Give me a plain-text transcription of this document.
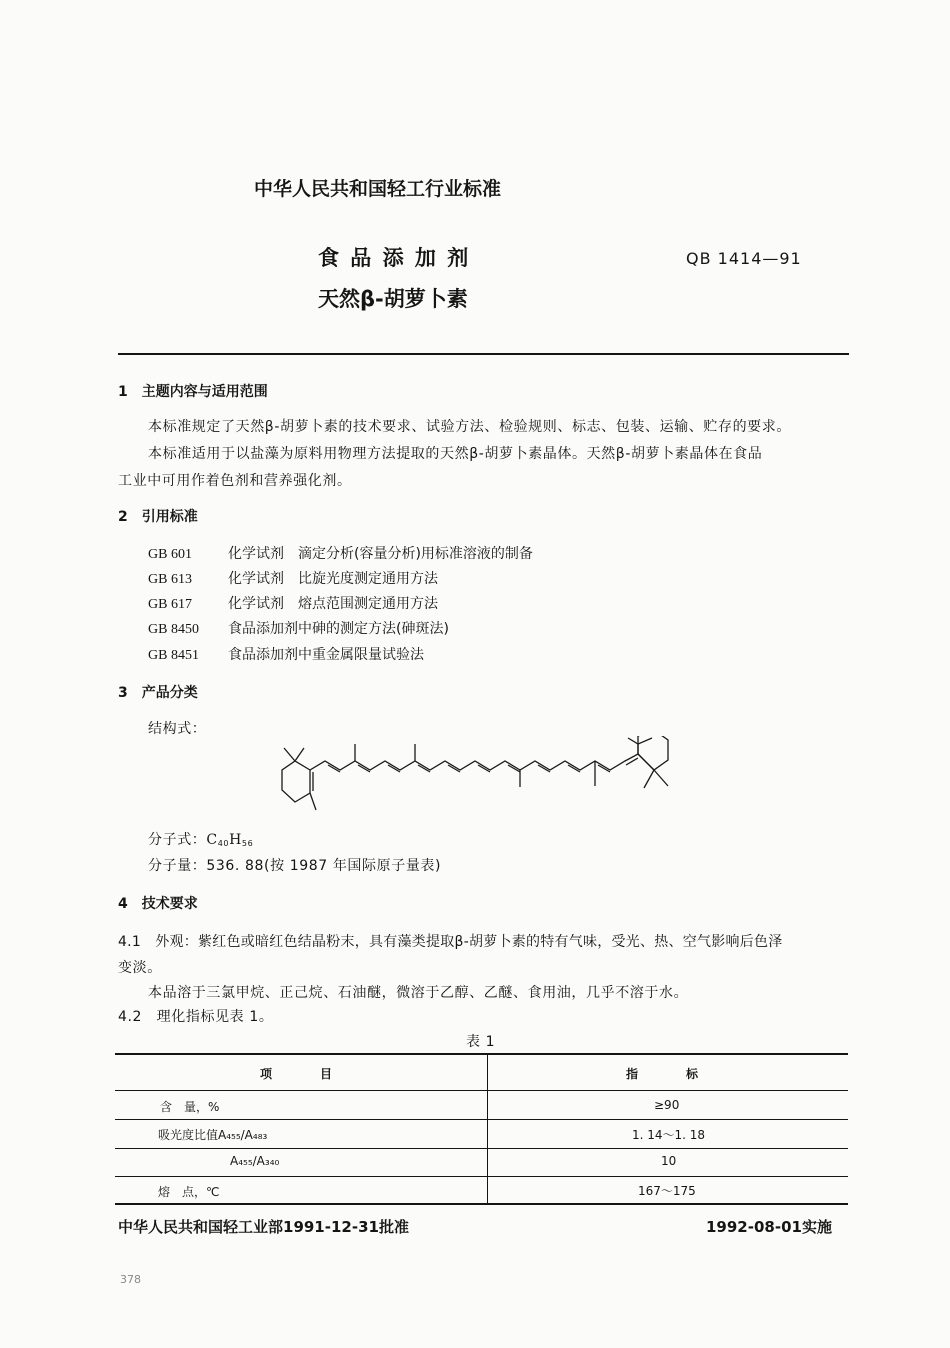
中华人民共和国轻工行业标准
食 品 添 加 剂
天然β-胡萝卜素
QB 1414—91
1　主题内容与适用范围
本标准规定了天然β-胡萝卜素的技术要求、试验方法、检验规则、标志、包装、运输、贮存的要求。
本标准适用于以盐藻为原料用物理方法提取的天然β-胡萝卜素晶体。天然β-胡萝卜素晶体在食品
工业中可用作着色剂和营养强化剂。
2　引用标准
GB 601	化学试剂　滴定分析(容量分析)用标准溶液的制备
GB 613	化学试剂　比旋光度测定通用方法
GB 617	化学试剂　熔点范围测定通用方法
GB 8450 食品添加剂中砷的测定方法(砷斑法)
GB 8451 食品添加剂中重金属限量试验法
3　产品分类
结构式：
分子式：$C_{40}H_{56}$
分子量：536. 88(按 1987 年国际原子量表)
4　技术要求
4.1　外观：紫红色或暗红色结晶粉末，具有藻类提取β-胡萝卜素的特有气味，受光、热、空气影响后色泽
变淡。
本品溶于三氯甲烷、正己烷、石油醚，微溶于乙醇、乙醚、食用油，几乎不溶于水。
4.2　理化指标见表 1。
表 1
项　　　　目	指　　　　标
含　量，%	≥90
吸光度比值A₄₅₅/A₄₈₃	1. 14～1. 18
A₄₅₅/A₃₄₀	10
熔　点，℃	167～175
中华人民共和国轻工业部1991-12-31批准	1992-08-01实施
378
